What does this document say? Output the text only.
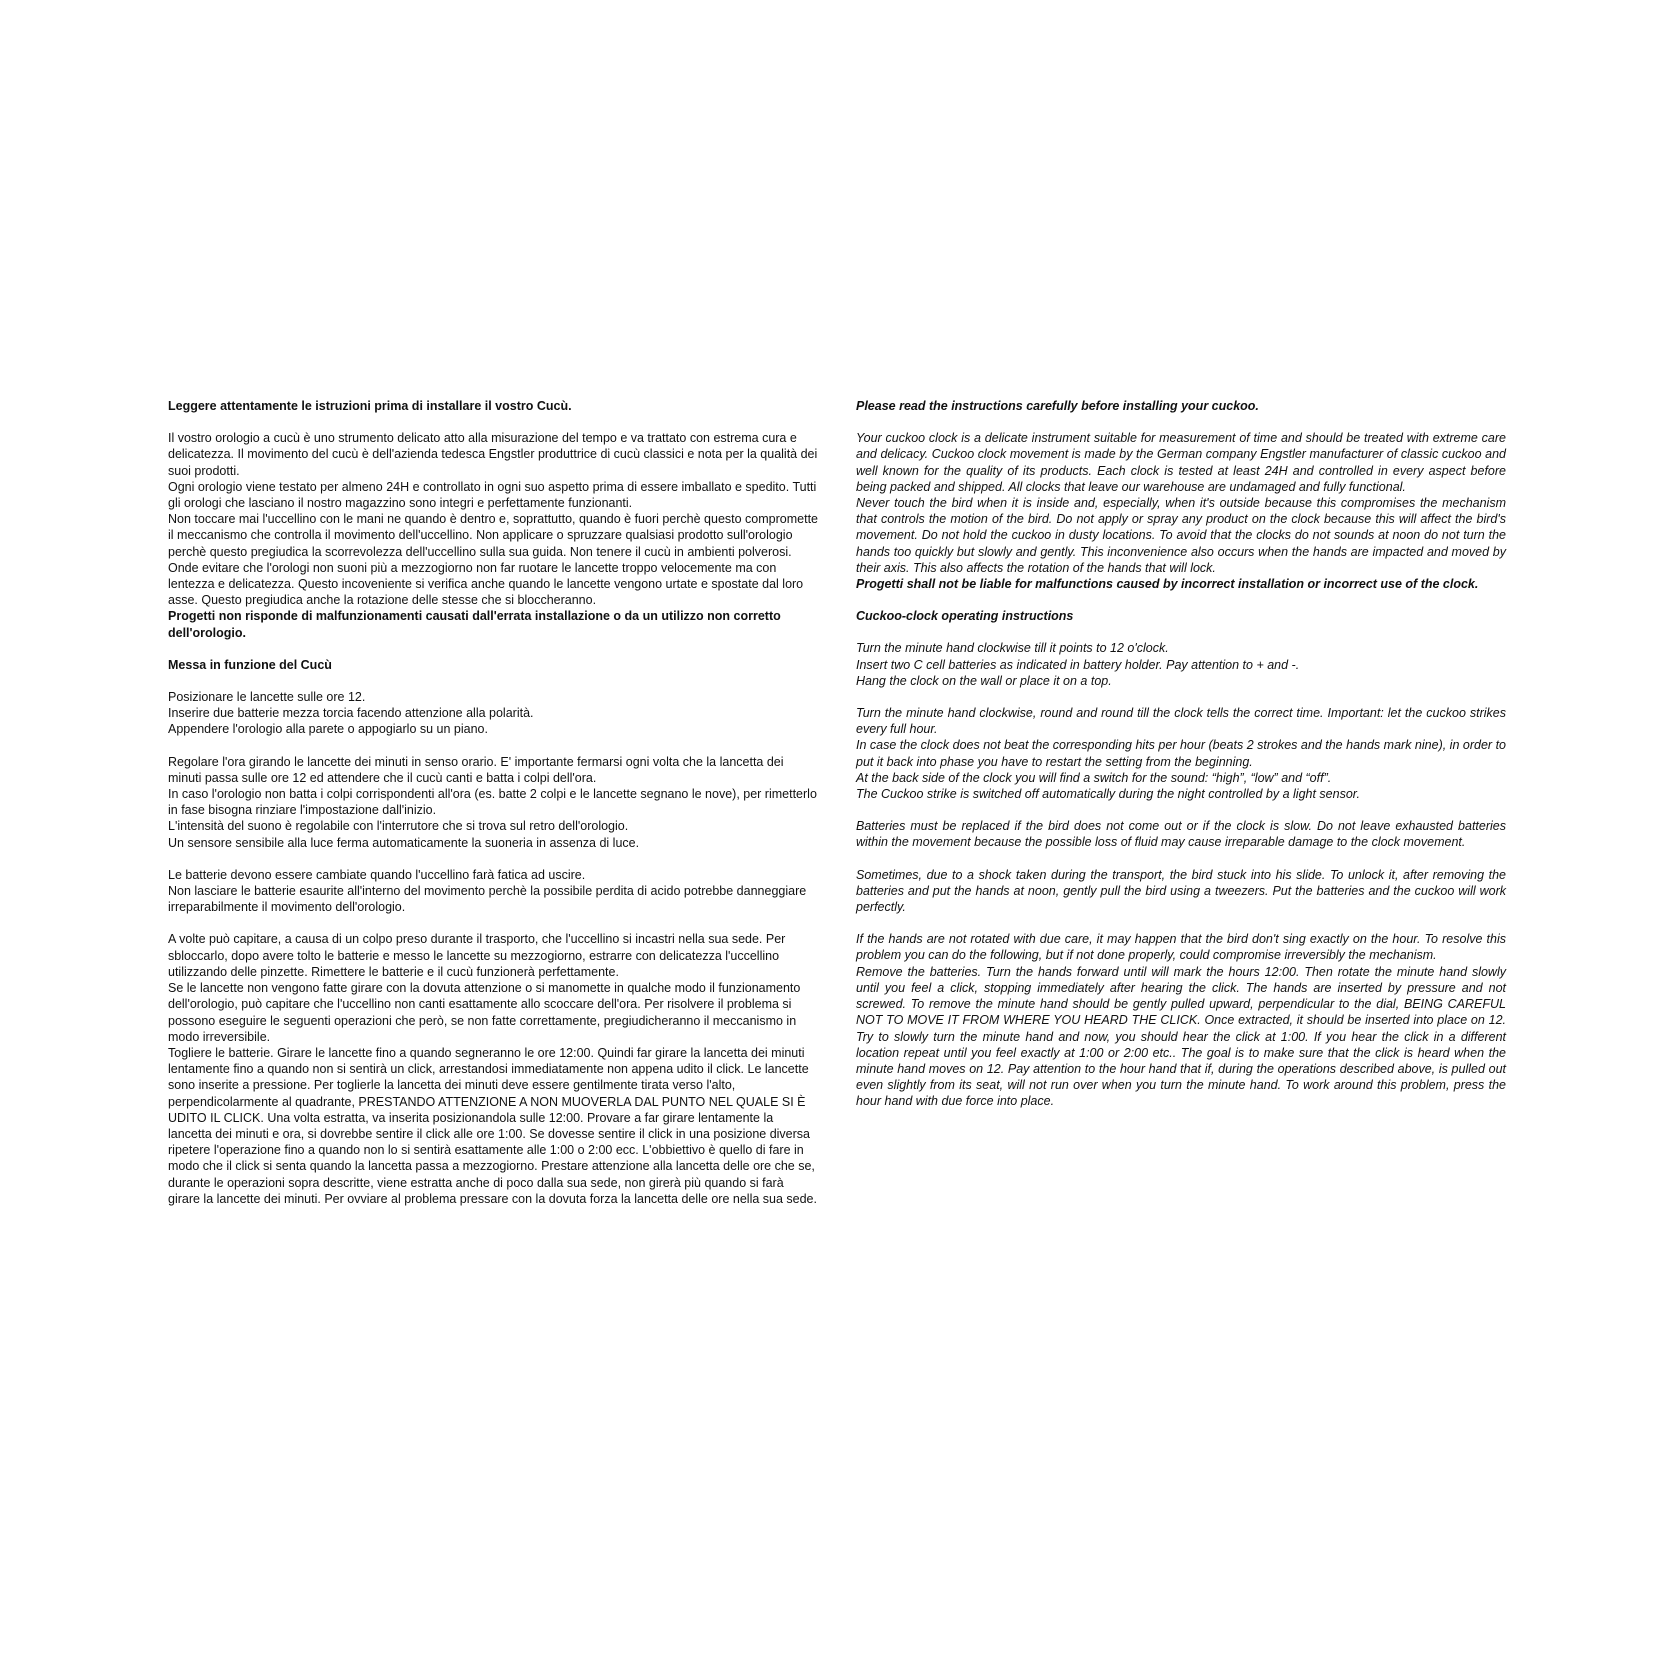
Leggere attentamente le istruzioni prima di installare il vostro Cucù.

Il vostro orologio a cucù è uno strumento delicato atto alla misurazione del tempo e va trattato con estrema cura e delicatezza. Il movimento del cucù è dell'azienda tedesca Engstler produttrice di cucù classici e nota per la qualità dei suoi prodotti.

Ogni orologio viene testato per almeno 24H e controllato in ogni suo aspetto prima di essere imballato e spedito. Tutti gli orologi che lasciano il nostro magazzino sono integri e perfettamente funzionanti.

Non toccare mai l'uccellino con le mani ne quando è dentro e, soprattutto, quando è fuori perchè questo compromette il meccanismo che controlla il movimento dell'uccellino. Non applicare o spruzzare qualsiasi prodotto sull'orologio perchè questo pregiudica la scorrevolezza dell'uccellino sulla sua guida. Non tenere il cucù in ambienti polverosi. Onde evitare che l'orologi non suoni più a mezzogiorno non far ruotare le lancette troppo velocemente ma con lentezza e delicatezza. Questo incoveniente si verifica anche quando le lancette vengono urtate e spostate dal loro asse. Questo pregiudica anche la rotazione delle stesse che si bloccheranno.

Progetti non risponde di malfunzionamenti causati dall'errata installazione o da un utilizzo non corretto dell'orologio.

Messa in funzione del Cucù

Posizionare le lancette sulle ore 12.

Inserire due batterie mezza torcia facendo attenzione alla polarità.

Appendere l'orologio alla parete o appogiarlo su un piano.

Regolare l'ora girando le lancette dei minuti in senso orario. E' importante fermarsi ogni volta che la lancetta dei minuti passa sulle ore 12 ed attendere che il cucù canti e batta i colpi dell'ora.

In caso l'orologio non batta i colpi corrispondenti all'ora (es. batte 2 colpi e le lancette segnano le nove), per rimetterlo in fase bisogna rinziare l'impostazione dall'inizio.

L'intensità del suono è regolabile con l'interrutore che si trova sul retro dell'orologio.

Un sensore sensibile alla luce ferma automaticamente la suoneria in assenza di luce.

Le batterie devono essere cambiate quando l'uccellino farà fatica ad uscire.

Non lasciare le batterie esaurite all'interno del movimento perchè la possibile perdita di acido potrebbe danneggiare irreparabilmente il movimento dell'orologio.

A volte può capitare, a causa di un colpo preso durante il trasporto, che l'uccellino si incastri nella sua sede. Per sbloccarlo, dopo avere tolto le batterie e messo le lancette su mezzogiorno, estrarre con delicatezza l'uccellino utilizzando delle pinzette. Rimettere le batterie e il cucù funzionerà perfettamente.

Se le lancette non vengono fatte girare con la dovuta attenzione o si manomette in qualche modo il funzionamento dell'orologio, può capitare che l'uccellino non canti esattamente allo scoccare dell'ora. Per risolvere il problema si possono eseguire le seguenti operazioni che però, se non fatte correttamente, pregiudicheranno il meccanismo in modo irreversibile.

Togliere le batterie. Girare le lancette fino a quando segneranno le ore 12:00. Quindi far girare la lancetta dei minuti lentamente fino a quando non si sentirà un click, arrestandosi immediatamente non appena udito il click. Le lancette sono inserite a pressione. Per toglierle la lancetta dei minuti deve essere gentilmente tirata verso l'alto, perpendicolarmente al quadrante, PRESTANDO ATTENZIONE A NON MUOVERLA DAL PUNTO NEL QUALE SI È UDITO IL CLICK. Una volta estratta, va inserita posizionandola sulle 12:00. Provare a far girare lentamente la lancetta dei minuti e ora, si dovrebbe sentire il click alle ore 1:00. Se dovesse sentire il click in una posizione diversa ripetere l'operazione fino a quando non lo si sentirà esattamente alle 1:00 o 2:00 ecc. L'obbiettivo è quello di fare in modo che il click si senta quando la lancetta passa a mezzogiorno. Prestare attenzione alla lancetta delle ore che se, durante le operazioni sopra descritte, viene estratta anche di poco dalla sua sede, non girerà più quando si farà girare la lancette dei minuti. Per ovviare al problema pressare con la dovuta forza la lancetta delle ore nella sua sede.

Please read the instructions carefully before installing your cuckoo.

Your cuckoo clock is a delicate instrument suitable for measurement of time and should be treated with extreme care and delicacy. Cuckoo clock movement is made by the German company Engstler manufacturer of classic cuckoo and well known for the quality of its products. Each clock is tested at least 24H and controlled in every aspect before being packed and shipped. All clocks that leave our warehouse are undamaged and fully functional.

Never touch the bird when it is inside and, especially, when it's outside because this compromises the mechanism that controls the motion of the bird. Do not apply or spray any product on the clock because this will affect the bird's movement. Do not hold the cuckoo in dusty locations. To avoid that the clocks do not sounds at noon do not turn the hands too quickly but slowly and gently. This inconvenience also occurs when the hands are impacted and moved by their axis. This also affects the rotation of the hands that will lock.

Progetti shall not be liable for malfunctions caused by incorrect installation or incorrect use of the clock.

Cuckoo-clock operating instructions

Turn the minute hand clockwise till it points to 12 o'clock.

Insert two C cell batteries as indicated in battery holder. Pay attention to + and -.

Hang the clock on the wall or place it on a top.

Turn the minute hand clockwise, round and round till the clock tells the correct time. Important: let the cuckoo strikes every full hour.

In case the clock does not beat the corresponding hits per hour (beats 2 strokes and the hands mark nine), in order to put it back into phase you have to restart the setting from the beginning.

At the back side of the clock you will find a switch for the sound: “high”, “low” and “off”.

The Cuckoo strike is switched off automatically during the night controlled by a light sensor.

Batteries must be replaced if the bird does not come out or if the clock is slow. Do not leave exhausted batteries within the movement because the possible loss of fluid may cause irreparable damage to the clock movement.

Sometimes, due to a shock taken during the transport, the bird stuck into his slide. To unlock it, after removing the batteries and put the hands at noon, gently pull the bird using a tweezers. Put the batteries and the cuckoo will work perfectly.

If the hands are not rotated with due care, it may happen that the bird don't sing exactly on the hour. To resolve this problem you can do the following, but if not done properly, could compromise irreversibly the mechanism.

Remove the batteries. Turn the hands forward until will mark the hours 12:00. Then rotate the minute hand slowly until you feel a click, stopping immediately after hearing the click. The hands are inserted by pressure and not screwed. To remove the minute hand should be gently pulled upward, perpendicular to the dial, BEING CAREFUL NOT TO MOVE IT FROM WHERE YOU HEARD THE CLICK. Once extracted, it should be inserted into place on 12. Try to slowly turn the minute hand and now, you should hear the click at 1:00. If you hear the click in a different location repeat until you feel exactly at 1:00 or 2:00 etc.. The goal is to make sure that the click is heard when the minute hand moves on 12. Pay attention to the hour hand that if, during the operations described above, is pulled out even slightly from its seat, will not run over when you turn the minute hand. To work around this problem, press the hour hand with due force into place.
